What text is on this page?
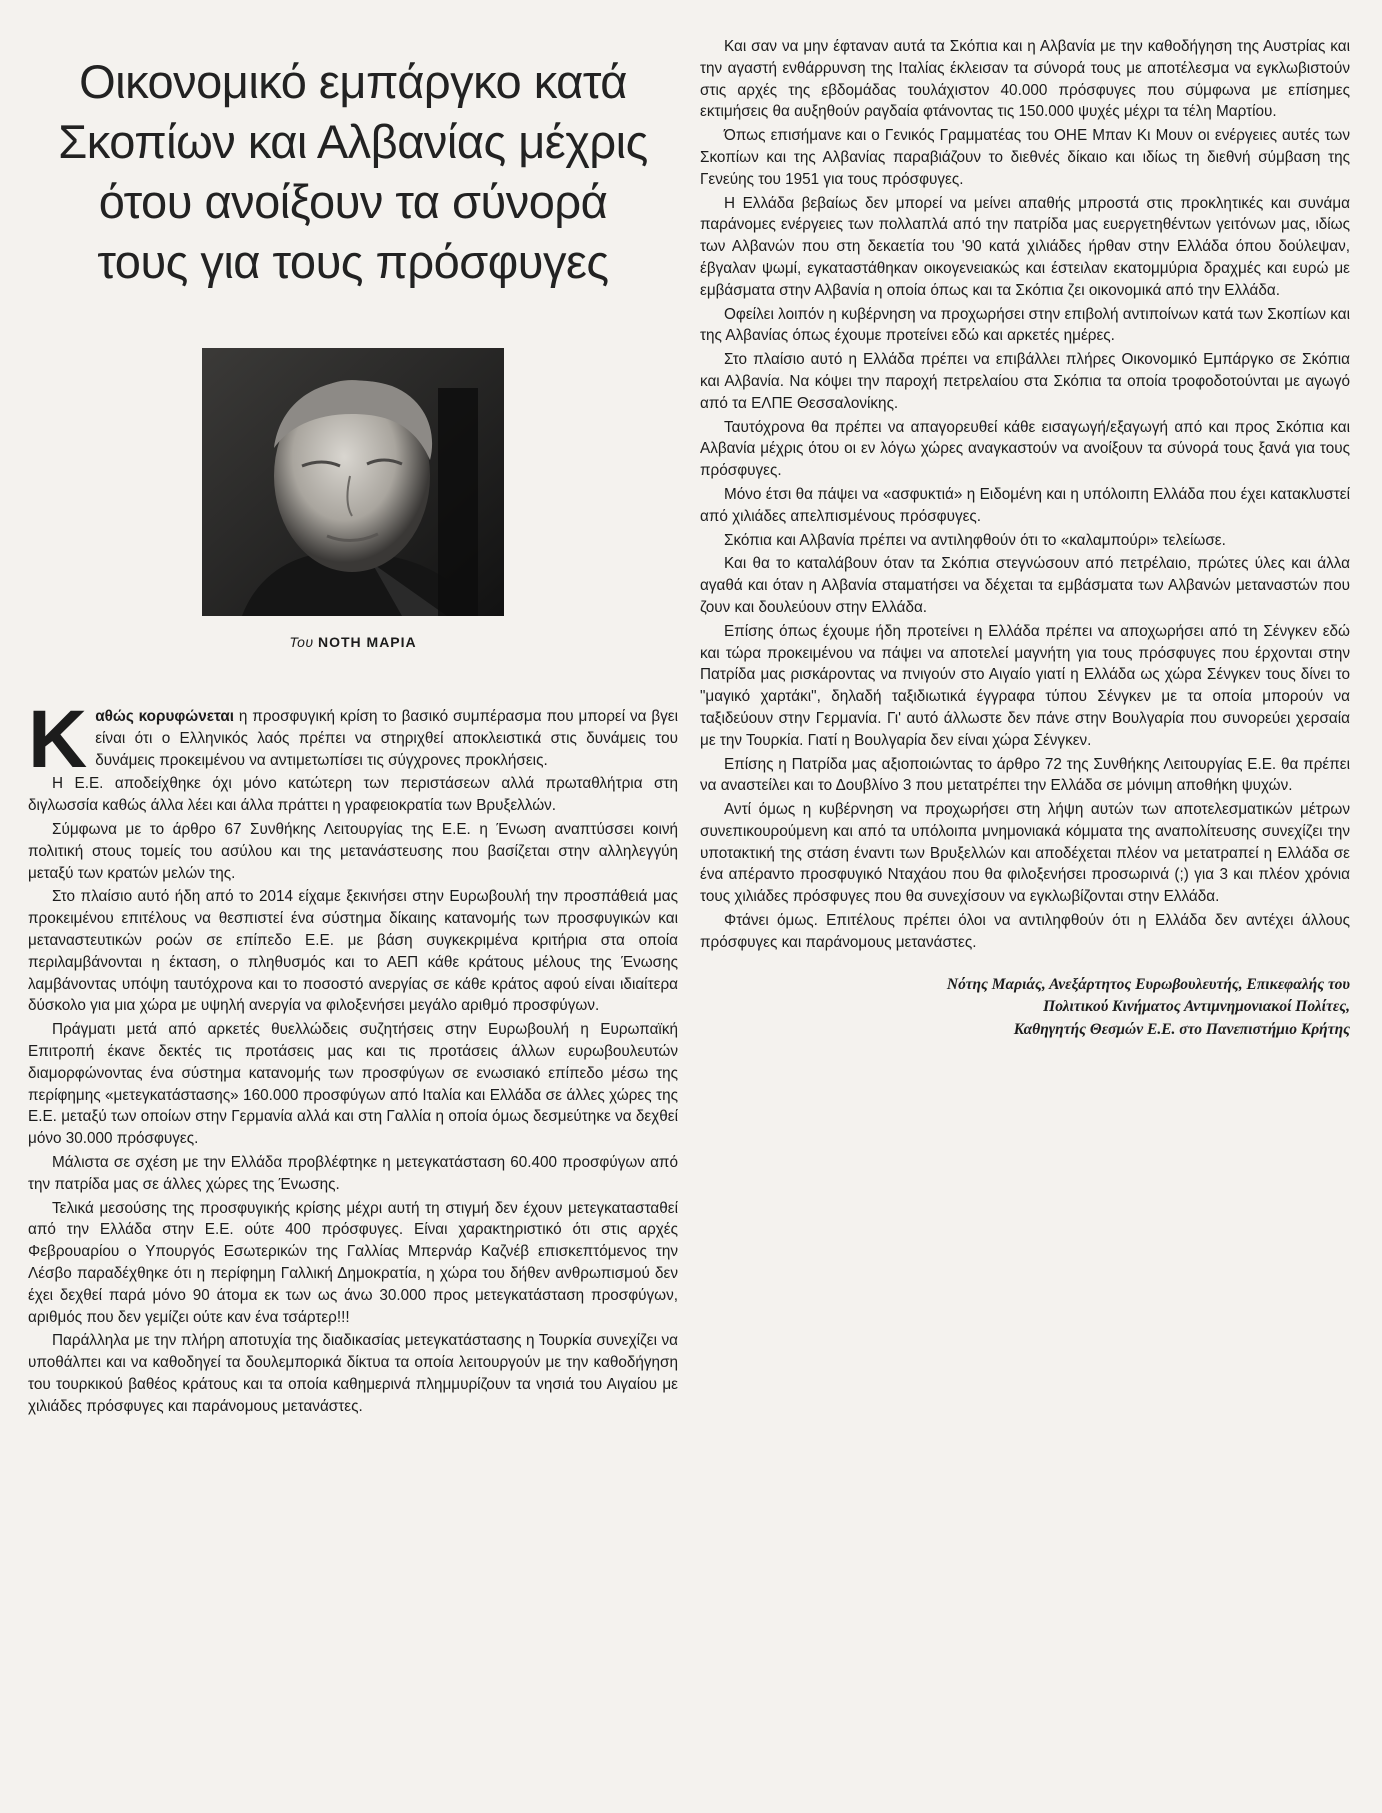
Οικονομικό εμπάργκο κατά
Σκοπίων και Αλβανίας μέχρις
ότου ανοίξουν τα σύνορά
τους για τους πρόσφυγες
Του ΝΟΤΗ ΜΑΡΙΑ

Καθώς κορυφώνεται η προσφυγική κρίση το βασικό συμπέρασμα που μπορεί να βγει είναι ότι ο Ελληνικός λαός πρέπει να στηριχθεί αποκλειστικά στις δυνάμεις του δυνάμεις προκειμένου να αντιμετωπίσει τις σύγχρονες προκλήσεις.

Η Ε.Ε. αποδείχθηκε όχι μόνο κατώτερη των περιστάσεων αλλά πρωταθλήτρια στη διγλωσσία καθώς άλλα λέει και άλλα πράττει η γραφειοκρατία των Βρυξελλών.

Σύμφωνα με το άρθρο 67 Συνθήκης Λειτουργίας της Ε.Ε. η Ένωση αναπτύσσει κοινή πολιτική στους τομείς του ασύλου και της μετανάστευσης που βασίζεται στην αλληλεγγύη μεταξύ των κρατών μελών της.

Στο πλαίσιο αυτό ήδη από το 2014 είχαμε ξεκινήσει στην Ευρωβουλή την προσπάθειά μας προκειμένου επιτέλους να θεσπιστεί ένα σύστημα δίκαιης κατανομής των προσφυγικών και μεταναστευτικών ροών σε επίπεδο Ε.Ε. με βάση συγκεκριμένα κριτήρια στα οποία περιλαμβάνονται η έκταση, ο πληθυσμός και το ΑΕΠ κάθε κράτους μέλους της Ένωσης λαμβάνοντας υπόψη ταυτόχρονα και το ποσοστό ανεργίας σε κάθε κράτος αφού είναι ιδιαίτερα δύσκολο για μια χώρα με υψηλή ανεργία να φιλοξενήσει μεγάλο αριθμό προσφύγων.

Πράγματι μετά από αρκετές θυελλώδεις συζητήσεις στην Ευρωβουλή η Ευρωπαϊκή Επιτροπή έκανε δεκτές τις προτάσεις μας και τις προτάσεις άλλων ευρωβουλευτών διαμορφώνοντας ένα σύστημα κατανομής των προσφύγων σε ενωσιακό επίπεδο μέσω της περίφημης «μετεγκατάστασης» 160.000 προσφύγων από Ιταλία και Ελλάδα σε άλλες χώρες της Ε.Ε. μεταξύ των οποίων στην Γερμανία αλλά και στη Γαλλία η οποία όμως δεσμεύτηκε να δεχθεί μόνο 30.000 πρόσφυγες.

Μάλιστα σε σχέση με την Ελλάδα προβλέφτηκε η μετεγκατάσταση 60.400 προσφύγων από την πατρίδα μας σε άλλες χώρες της Ένωσης.

Τελικά μεσούσης της προσφυγικής κρίσης μέχρι αυτή τη στιγμή δεν έχουν μετεγκατασταθεί από την Ελλάδα στην Ε.Ε. ούτε 400 πρόσφυγες. Είναι χαρακτηριστικό ότι στις αρχές Φεβρουαρίου ο Υπουργός Εσωτερικών της Γαλλίας Μπερνάρ Καζνέβ επισκεπτόμενος την Λέσβο παραδέχθηκε ότι η περίφημη Γαλλική Δημοκρατία, η χώρα του δήθεν ανθρωπισμού δεν έχει δεχθεί παρά μόνο 90 άτομα εκ των ως άνω 30.000 προς μετεγκατάσταση προσφύγων, αριθμός που δεν γεμίζει ούτε καν ένα τσάρτερ!!!

Παράλληλα με την πλήρη αποτυχία της διαδικασίας μετεγκατάστασης η Τουρκία συνεχίζει να υποθάλπει και να καθοδηγεί τα δουλεμπορικά δίκτυα τα οποία λειτουργούν με την καθοδήγηση του τουρκικού βαθέος κράτους και τα οποία καθημερινά πλημμυρίζουν τα νησιά του Αιγαίου με χιλιάδες πρόσφυγες και παράνομους μετανάστες.

Και σαν να μην έφταναν αυτά τα Σκόπια και η Αλβανία με την καθοδήγηση της Αυστρίας και την αγαστή ενθάρρυνση της Ιταλίας έκλεισαν τα σύνορά τους με αποτέλεσμα να εγκλωβιστούν στις αρχές της εβδομάδας τουλάχιστον 40.000 πρόσφυγες που σύμφωνα με επίσημες εκτιμήσεις θα αυξηθούν ραγδαία φτάνοντας τις 150.000 ψυχές μέχρι τα τέλη Μαρτίου.

Όπως επισήμανε και ο Γενικός Γραμματέας του ΟΗΕ Μπαν Κι Μουν οι ενέργειες αυτές των Σκοπίων και της Αλβανίας παραβιάζουν το διεθνές δίκαιο και ιδίως τη διεθνή σύμβαση της Γενεύης του 1951 για τους πρόσφυγες.

Η Ελλάδα βεβαίως δεν μπορεί να μείνει απαθής μπροστά στις προκλητικές και συνάμα παράνομες ενέργειες των πολλαπλά από την πατρίδα μας ευεργετηθέντων γειτόνων μας, ιδίως των Αλβανών που στη δεκαετία του '90 κατά χιλιάδες ήρθαν στην Ελλάδα όπου δούλεψαν, έβγαλαν ψωμί, εγκαταστάθηκαν οικογενειακώς και έστειλαν εκατομμύρια δραχμές και ευρώ με εμβάσματα στην Αλβανία η οποία όπως και τα Σκόπια ζει οικονομικά από την Ελλάδα.

Οφείλει λοιπόν η κυβέρνηση να προχωρήσει στην επιβολή αντιποίνων κατά των Σκοπίων και της Αλβανίας όπως έχουμε προτείνει εδώ και αρκετές ημέρες.

Στο πλαίσιο αυτό η Ελλάδα πρέπει να επιβάλλει πλήρες Οικονομικό Εμπάργκο σε Σκόπια και Αλβανία. Να κόψει την παροχή πετρελαίου στα Σκόπια τα οποία τροφοδοτούνται με αγωγό από τα ΕΛΠΕ Θεσσαλονίκης.

Ταυτόχρονα θα πρέπει να απαγορευθεί κάθε εισαγωγή/εξαγωγή από και προς Σκόπια και Αλβανία μέχρις ότου οι εν λόγω χώρες αναγκαστούν να ανοίξουν τα σύνορά τους ξανά για τους πρόσφυγες.

Μόνο έτσι θα πάψει να «ασφυκτιά» η Ειδομένη και η υπόλοιπη Ελλάδα που έχει κατακλυστεί από χιλιάδες απελπισμένους πρόσφυγες.

Σκόπια και Αλβανία πρέπει να αντιληφθούν ότι το «καλαμπούρι» τελείωσε.

Και θα το καταλάβουν όταν τα Σκόπια στεγνώσουν από πετρέλαιο, πρώτες ύλες και άλλα αγαθά και όταν η Αλβανία σταματήσει να δέχεται τα εμβάσματα των Αλβανών μεταναστών που ζουν και δουλεύουν στην Ελλάδα.

Επίσης όπως έχουμε ήδη προτείνει η Ελλάδα πρέπει να αποχωρήσει από τη Σένγκεν εδώ και τώρα προκειμένου να πάψει να αποτελεί μαγνήτη για τους πρόσφυγες που έρχονται στην Πατρίδα μας ρισκάροντας να πνιγούν στο Αιγαίο γιατί η Ελλάδα ως χώρα Σένγκεν τους δίνει το "μαγικό χαρτάκι", δηλαδή ταξιδιωτικά έγγραφα τύπου Σένγκεν με τα οποία μπορούν να ταξιδεύουν στην Γερμανία. Γι' αυτό άλλωστε δεν πάνε στην Βουλγαρία που συνορεύει χερσαία με την Τουρκία. Γιατί η Βουλγαρία δεν είναι χώρα Σένγκεν.

Επίσης η Πατρίδα μας αξιοποιώντας το άρθρο 72 της Συνθήκης Λειτουργίας Ε.Ε. θα πρέπει να αναστείλει και το Δουβλίνο 3 που μετατρέπει την Ελλάδα σε μόνιμη αποθήκη ψυχών.

Αντί όμως η κυβέρνηση να προχωρήσει στη λήψη αυτών των αποτελεσματικών μέτρων συνεπικουρούμενη και από τα υπόλοιπα μνημονιακά κόμματα της αναπολίτευσης συνεχίζει την υποτακτική της στάση έναντι των Βρυξελλών και αποδέχεται πλέον να μετατραπεί η Ελλάδα σε ένα απέραντο προσφυγικό Νταχάου που θα φιλοξενήσει προσωρινά (;) για 3 και πλέον χρόνια τους χιλιάδες πρόσφυγες που θα συνεχίσουν να εγκλωβίζονται στην Ελλάδα.

Φτάνει όμως. Επιτέλους πρέπει όλοι να αντιληφθούν ότι η Ελλάδα δεν αντέχει άλλους πρόσφυγες και παράνομους μετανάστες.

Νότης Μαριάς, Ανεξάρτητος Ευρωβουλευτής, Επικεφαλής του
Πολιτικού Κινήματος Αντιμνημονιακοί Πολίτες,
Καθηγητής Θεσμών Ε.Ε. στο Πανεπιστήμιο Κρήτης
